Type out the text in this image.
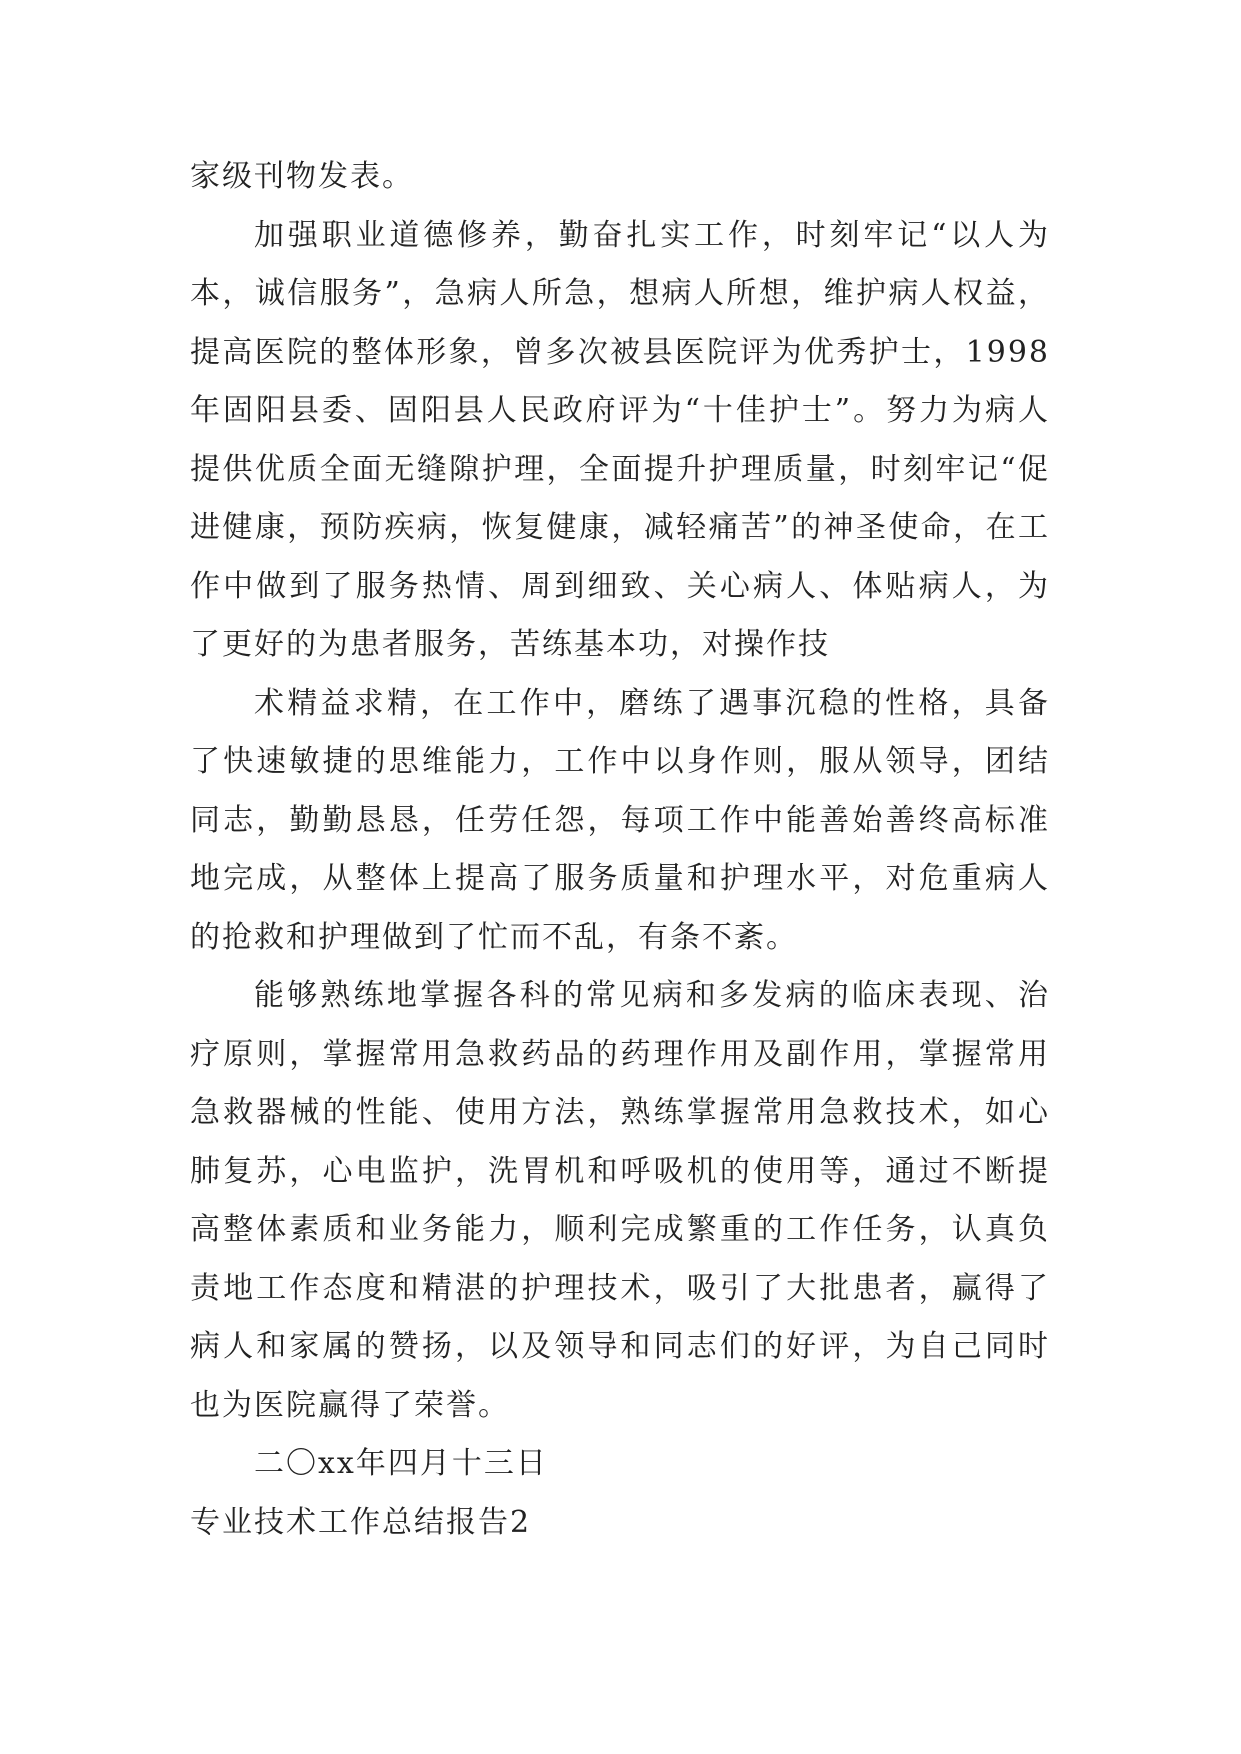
家级刊物发表。

加强职业道德修养，勤奋扎实工作，时刻牢记“以人为本，诚信服务”，急病人所急，想病人所想，维护病人权益，提高医院的整体形象，曾多次被县医院评为优秀护士，1998年固阳县委、固阳县人民政府评为“十佳护士”。努力为病人提供优质全面无缝隙护理，全面提升护理质量，时刻牢记“促进健康，预防疾病，恢复健康，减轻痛苦”的神圣使命，在工作中做到了服务热情、周到细致、关心病人、体贴病人，为了更好的为患者服务，苦练基本功，对操作技

术精益求精，在工作中，磨练了遇事沉稳的性格，具备了快速敏捷的思维能力，工作中以身作则，服从领导，团结同志，勤勤恳恳，任劳任怨，每项工作中能善始善终高标准地完成，从整体上提高了服务质量和护理水平，对危重病人的抢救和护理做到了忙而不乱，有条不紊。

能够熟练地掌握各科的常见病和多发病的临床表现、治疗原则，掌握常用急救药品的药理作用及副作用，掌握常用急救器械的性能、使用方法，熟练掌握常用急救技术，如心肺复苏，心电监护，洗胃机和呼吸机的使用等，通过不断提高整体素质和业务能力，顺利完成繁重的工作任务，认真负责地工作态度和精湛的护理技术，吸引了大批患者，赢得了病人和家属的赞扬，以及领导和同志们的好评，为自己同时也为医院赢得了荣誉。

二〇xx年四月十三日

专业技术工作总结报告2
